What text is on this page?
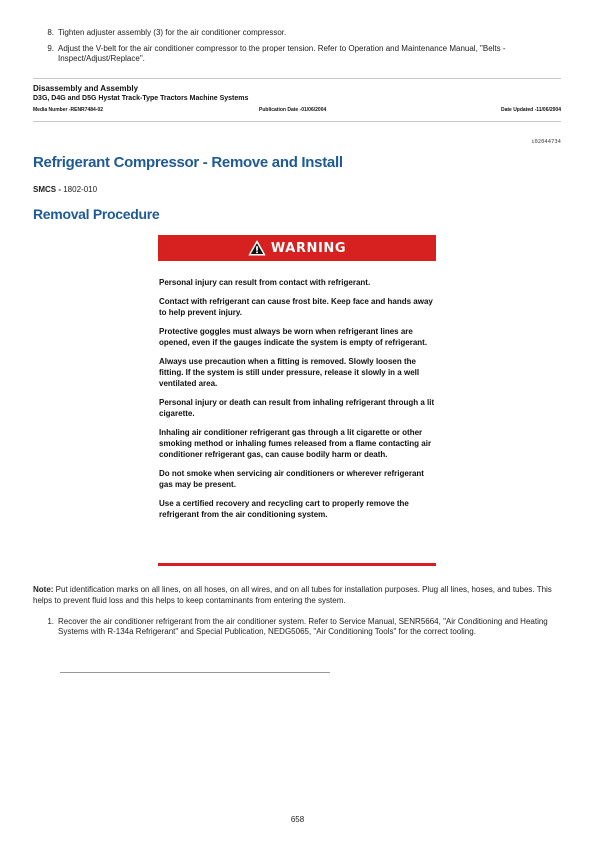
8. Tighten adjuster assembly (3) for the air conditioner compressor.
9. Adjust the V-belt for the air conditioner compressor to the proper tension. Refer to Operation and Maintenance Manual, "Belts - Inspect/Adjust/Replace".
Disassembly and Assembly
D3G, D4G and D5G Hystat Track-Type Tractors Machine Systems
Media Number -RENR7484-02	Publication Date -01/06/2004	Date Updated -11/06/2004
i02044734
Refrigerant Compressor - Remove and Install
SMCS - 1802-010
Removal Procedure
WARNING

Personal injury can result from contact with refrigerant.

Contact with refrigerant can cause frost bite. Keep face and hands away to help prevent injury.

Protective goggles must always be worn when refrigerant lines are opened, even if the gauges indicate the system is empty of refrigerant.

Always use precaution when a fitting is removed. Slowly loosen the fitting. If the system is still under pressure, release it slowly in a well ventilated area.

Personal injury or death can result from inhaling refrigerant through a lit cigarette.

Inhaling air conditioner refrigerant gas through a lit cigarette or other smoking method or inhaling fumes released from a flame contacting air conditioner refrigerant gas, can cause bodily harm or death.

Do not smoke when servicing air conditioners or wherever refrigerant gas may be present.

Use a certified recovery and recycling cart to properly remove the refrigerant from the air conditioning system.

Note: Put identification marks on all lines, on all hoses, on all wires, and on all tubes for installation purposes. Plug all lines, hoses, and tubes. This helps to prevent fluid loss and this helps to keep contaminants from entering the system.
1. Recover the air conditioner refrigerant from the air conditioner system. Refer to Service Manual, SENR5664, "Air Conditioning and Heating Systems with R-134a Refrigerant" and Special Publication, NEDG5065, "Air Conditioning Tools" for the correct tooling.
658
